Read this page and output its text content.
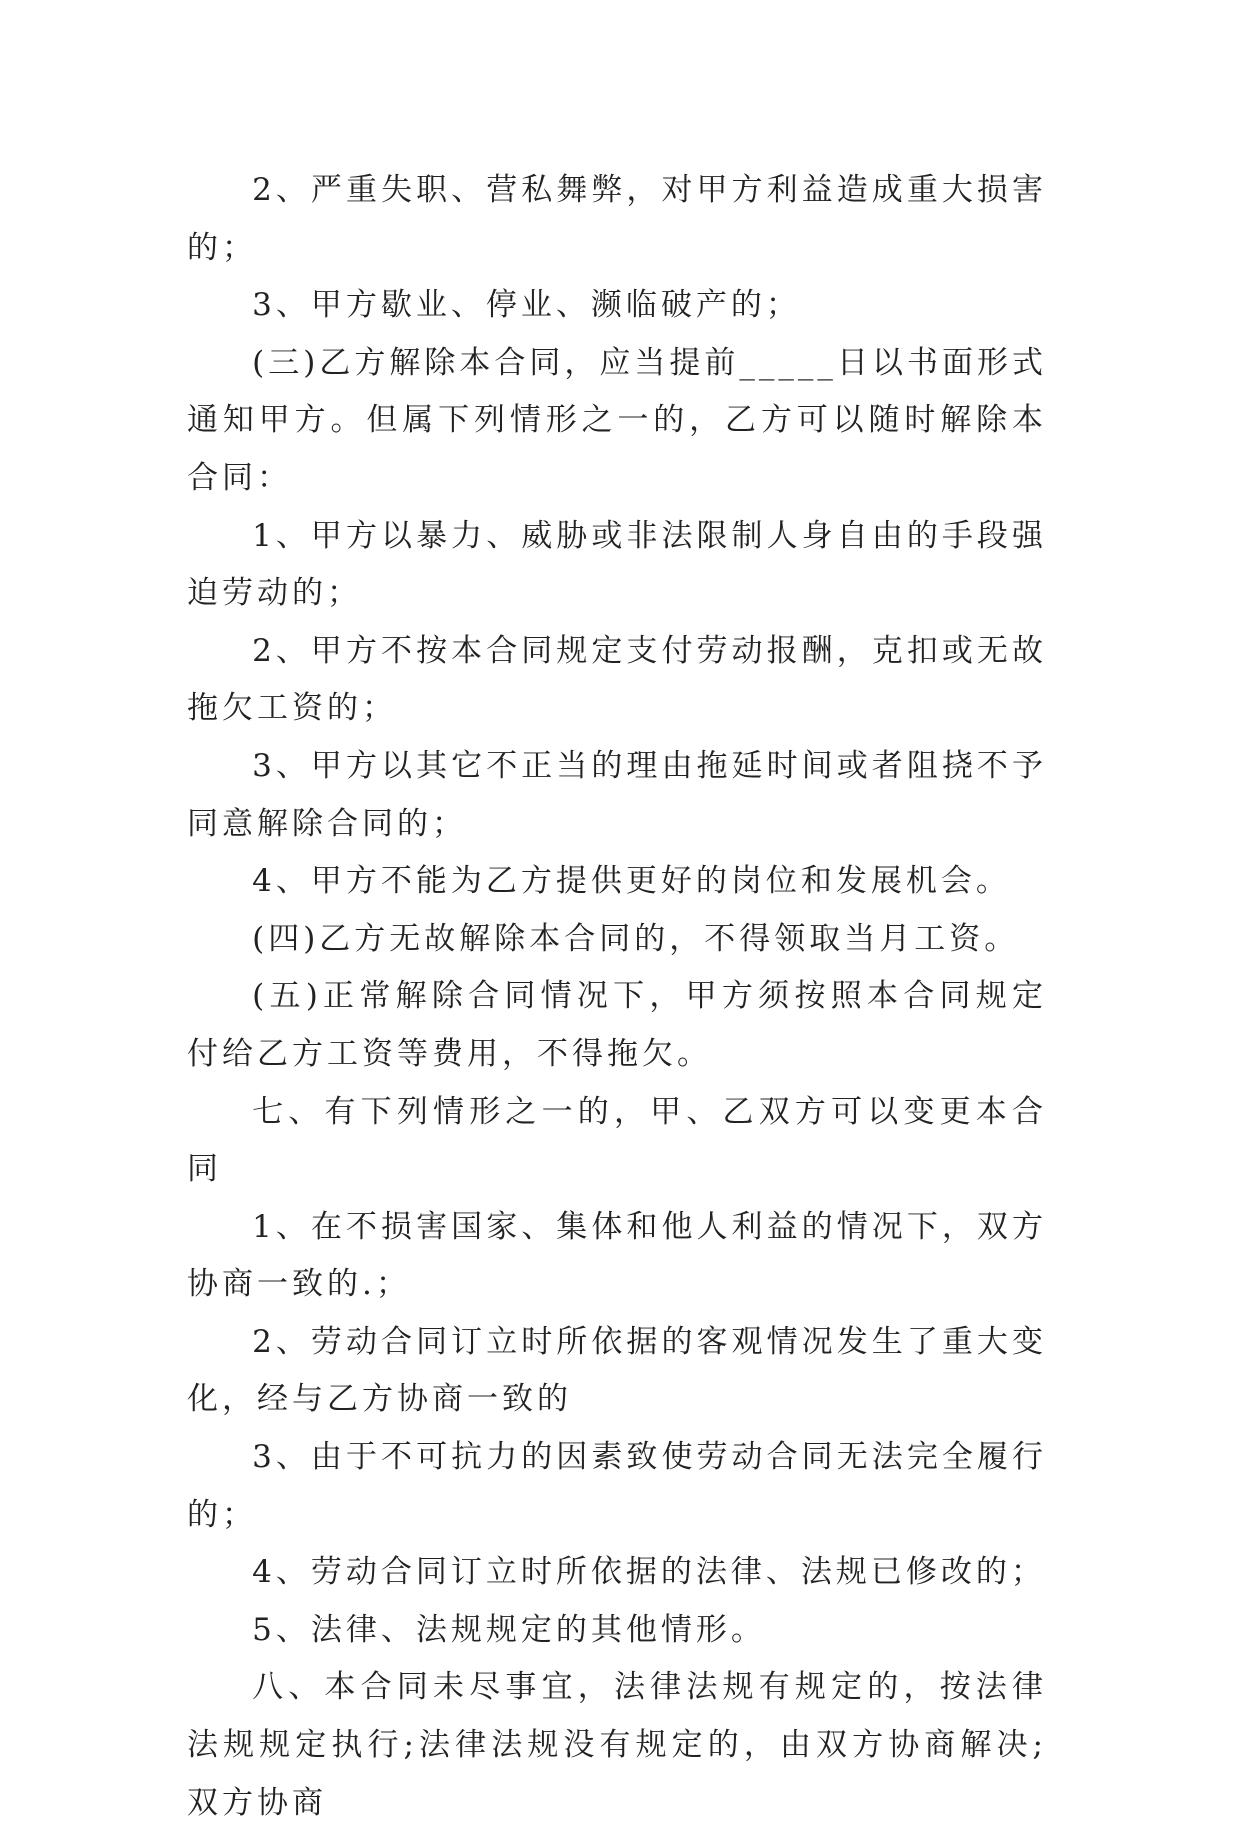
2、严重失职、营私舞弊，对甲方利益造成重大损害的；

3、甲方歇业、停业、濒临破产的；

(三)乙方解除本合同，应当提前_____日以书面形式通知甲方。但属下列情形之一的，乙方可以随时解除本合同：

1、甲方以暴力、威胁或非法限制人身自由的手段强迫劳动的；

2、甲方不按本合同规定支付劳动报酬，克扣或无故拖欠工资的；

3、甲方以其它不正当的理由拖延时间或者阻挠不予同意解除合同的；

4、甲方不能为乙方提供更好的岗位和发展机会。

(四)乙方无故解除本合同的，不得领取当月工资。

(五)正常解除合同情况下，甲方须按照本合同规定付给乙方工资等费用，不得拖欠。

七、有下列情形之一的，甲、乙双方可以变更本合同

1、在不损害国家、集体和他人利益的情况下，双方协商一致的.；

2、劳动合同订立时所依据的客观情况发生了重大变化，经与乙方协商一致的

3、由于不可抗力的因素致使劳动合同无法完全履行的；

4、劳动合同订立时所依据的法律、法规已修改的；

5、法律、法规规定的其他情形。

八、本合同未尽事宜，法律法规有规定的，按法律法规规定执行;法律法规没有规定的，由双方协商解决;双方协商
